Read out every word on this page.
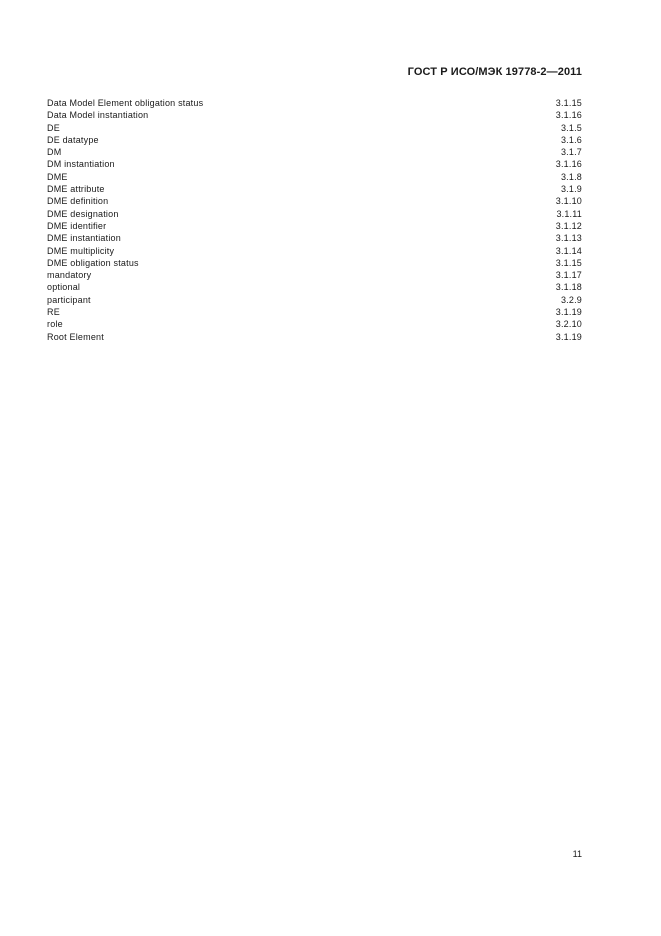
ГОСТ Р ИСО/МЭК 19778-2—2011
Data Model Element obligation status	3.1.15
Data Model instantiation	3.1.16
DE	3.1.5
DE datatype	3.1.6
DM	3.1.7
DM instantiation	3.1.16
DME	3.1.8
DME attribute	3.1.9
DME definition	3.1.10
DME designation	3.1.11
DME identifier	3.1.12
DME instantiation	3.1.13
DME multiplicity	3.1.14
DME obligation status	3.1.15
mandatory	3.1.17
optional	3.1.18
participant	3.2.9
RE	3.1.19
role	3.2.10
Root Element	3.1.19
11
